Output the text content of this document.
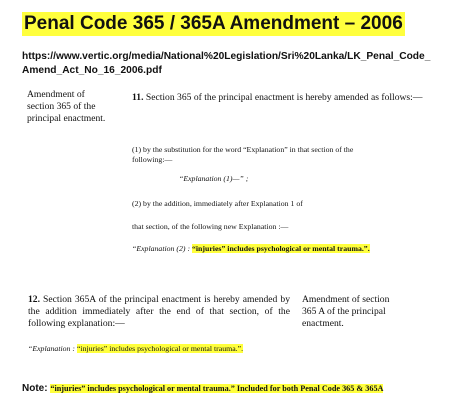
Penal Code 365 / 365A Amendment – 2006
https://www.vertic.org/media/National%20Legislation/Sri%20Lanka/LK_Penal_Code_Amend_Act_No_16_2006.pdf
Amendment of section 365 of the principal enactment.
11. Section 365 of the principal enactment is hereby amended as follows:—
(1) by the substitution for the word “Explanation” in that section of the following:—
“Explanation (1)—” ;
(2) by the addition, immediately after Explanation 1 of
that section, of the following new Explanation :—
“Explanation (2) : “injuries” includes psychological or mental trauma.”.
12. Section 365A of the principal enactment is hereby amended by the addition immediately after the end of that section, of the following explanation:—
Amendment of section 365 A of the principal enactment.
“Explanation : “injuries” includes psychological or mental trauma.”.
Note: “injuries” includes psychological or mental trauma.” Included for both Penal Code 365 & 365A
